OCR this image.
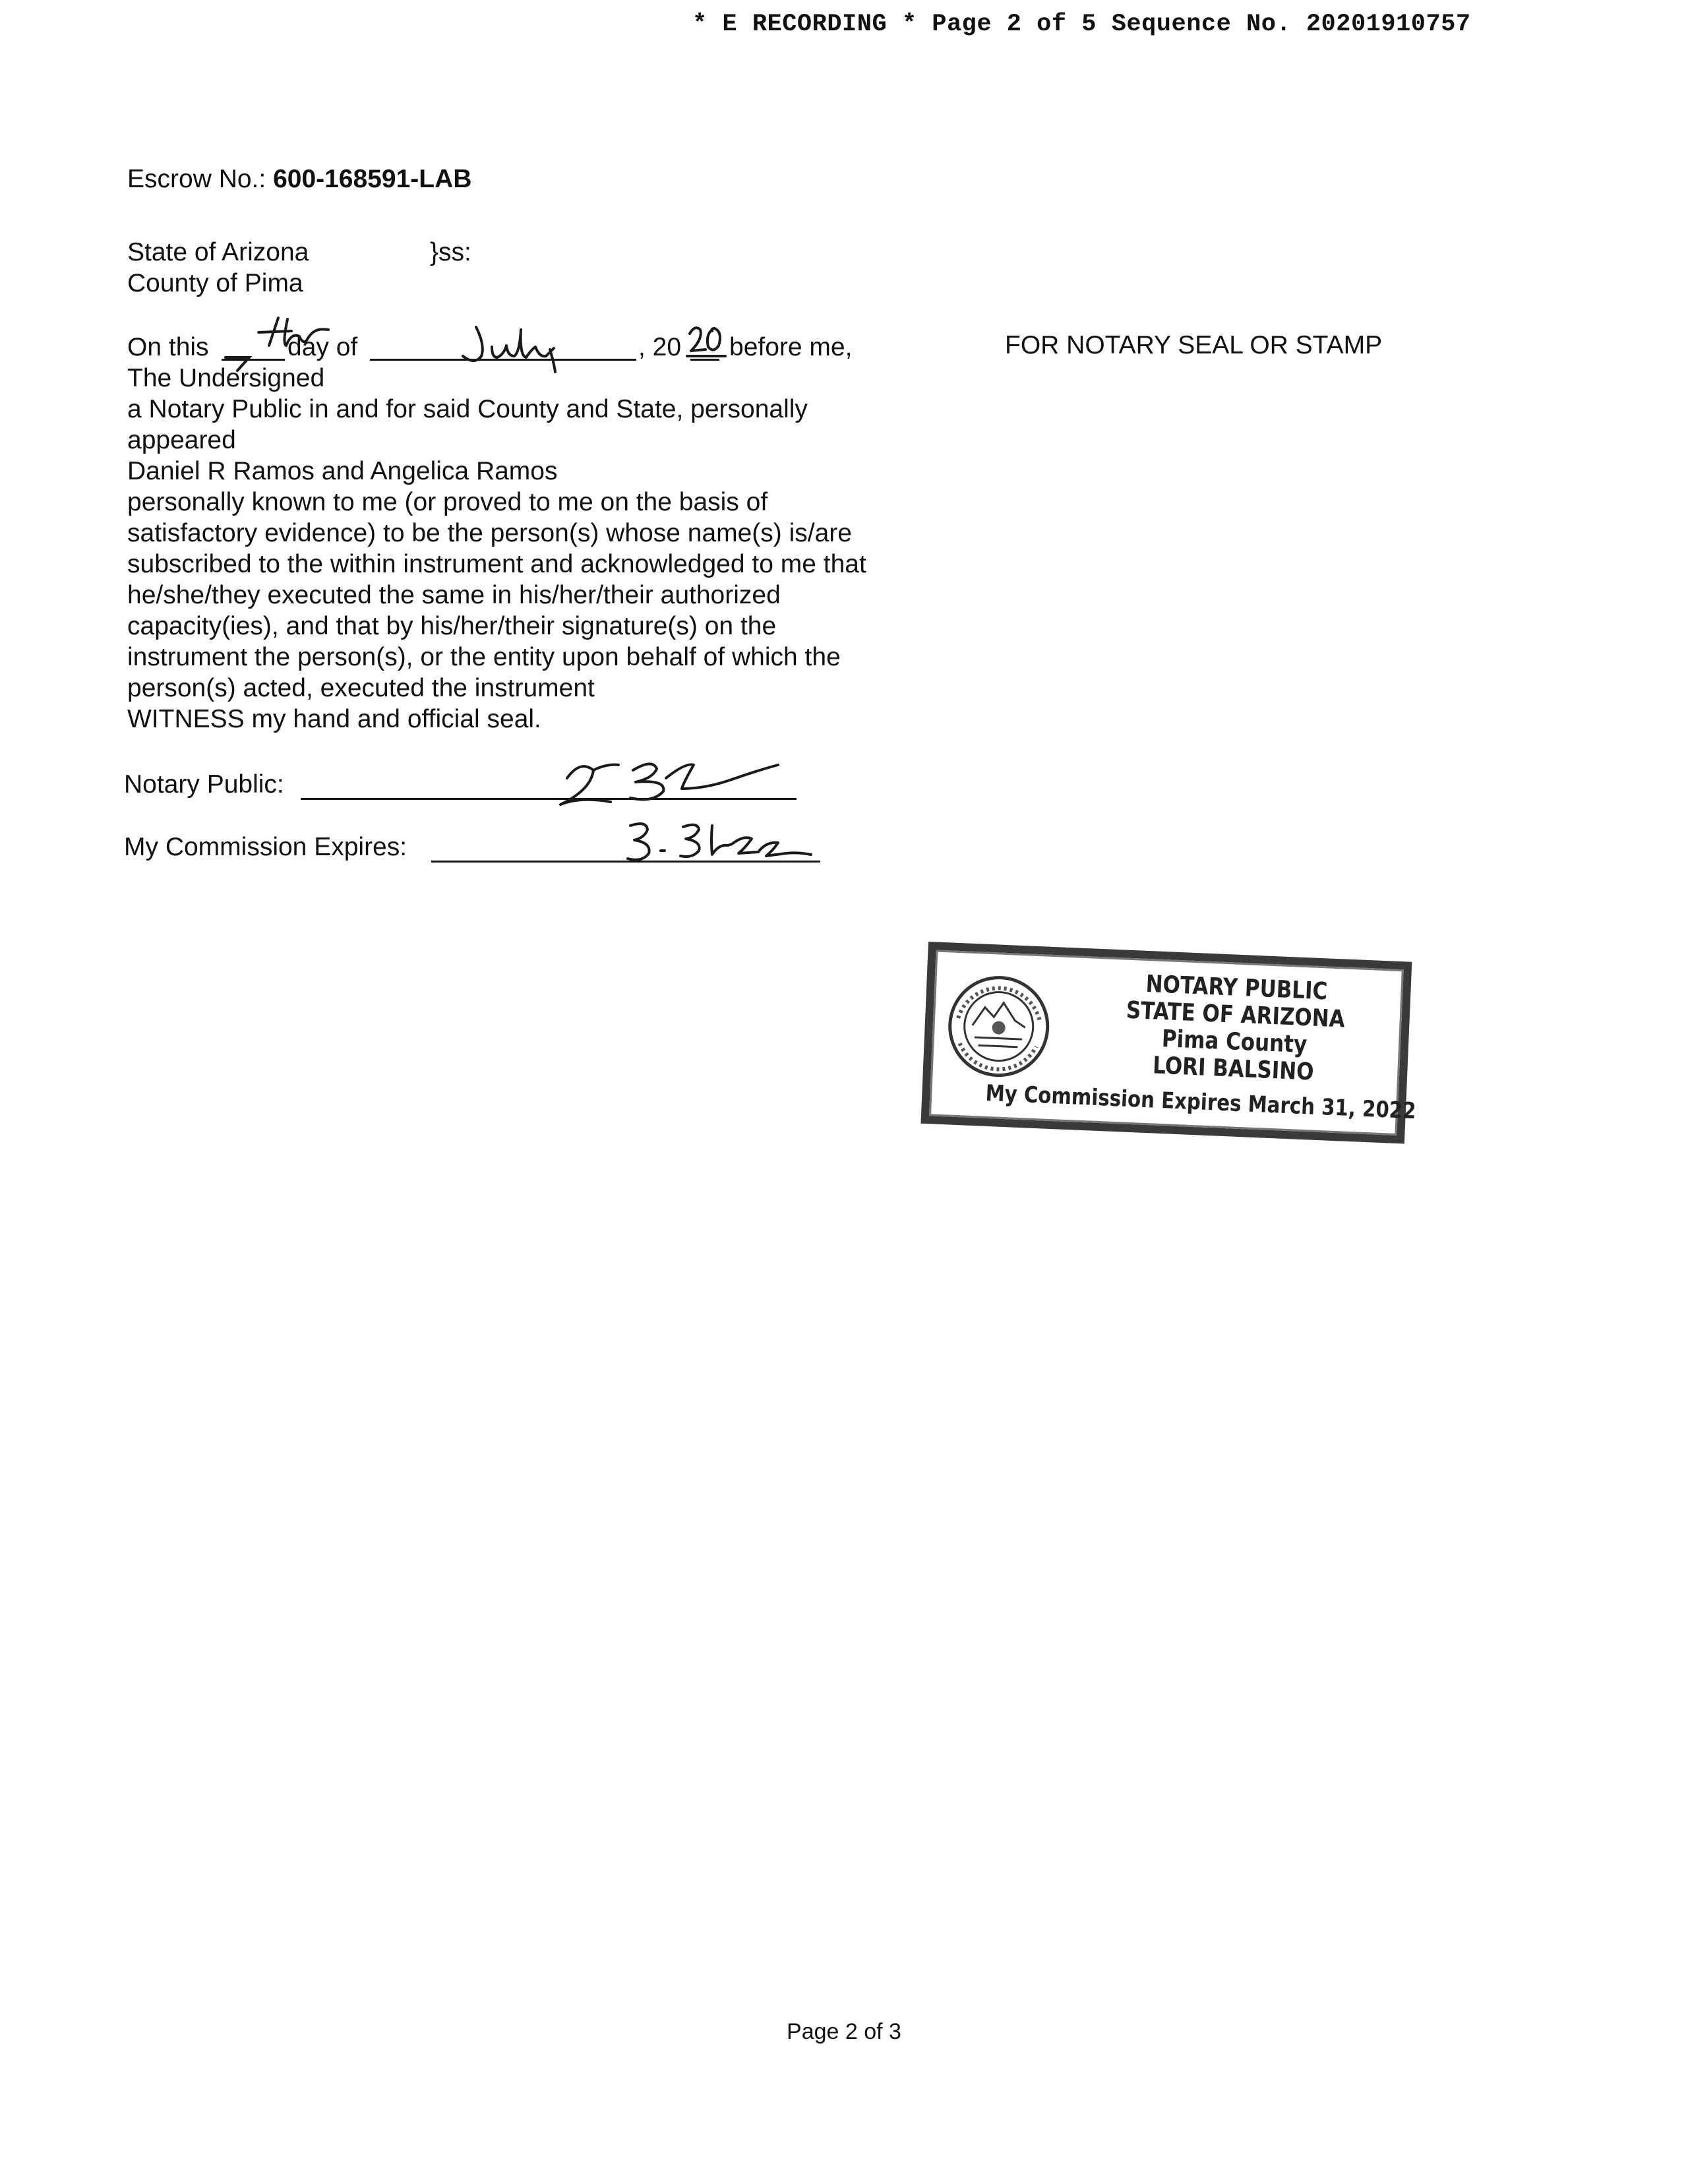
* E RECORDING * Page 2 of 5 Sequence No. 20201910757
Escrow No.: 600-168591-LAB
State of Arizona	}ss:
County of Pima
On this	day of	, 20 before me,
The Undersigned
a Notary Public in and for said County and State, personally
appeared
Daniel R Ramos and Angelica Ramos
personally known to me (or proved to me on the basis of
satisfactory evidence) to be the person(s) whose name(s) is/are
subscribed to the within instrument and acknowledged to me that
he/she/they executed the same in his/her/their authorized
capacity(ies), and that by his/her/their signature(s) on the
instrument the person(s), or the entity upon behalf of which the
person(s) acted, executed the instrument
WITNESS my hand and official seal.
Notary Public:
My Commission Expires:
FOR NOTARY SEAL OR STAMP
NOTARY PUBLIC
STATE OF ARIZONA
Pima County
LORI BALSINO
My Commission Expires March 31, 2022
Page 2 of 3
